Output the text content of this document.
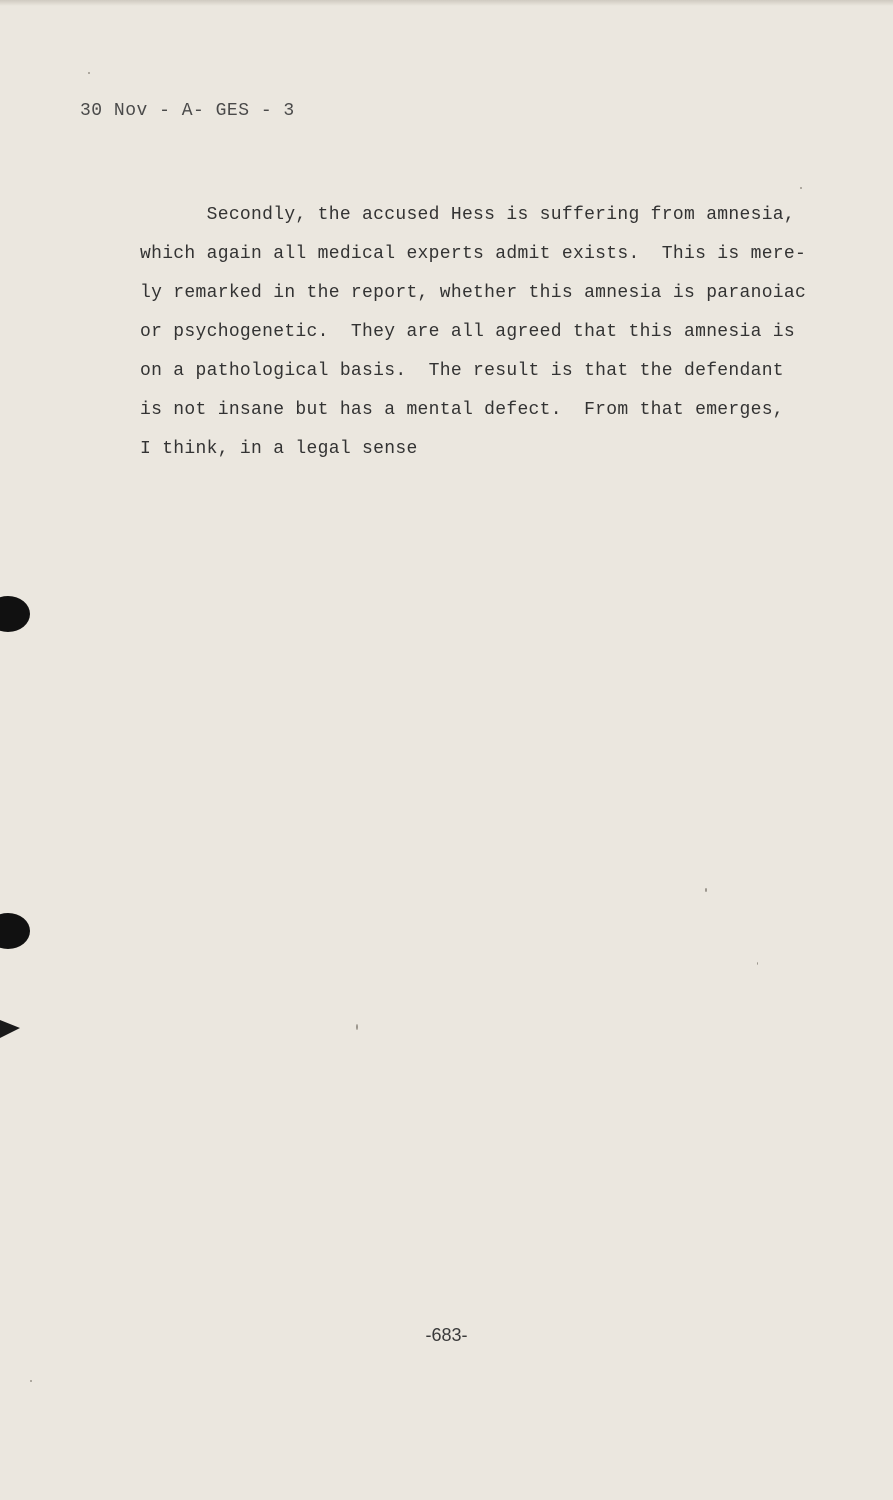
30 Nov - A- GES - 3

Secondly, the accused Hess is suffering from amnesia,

which again all medical experts admit exists.  This is mere-

ly remarked in the report, whether this amnesia is paranoiac

or psychogenetic.  They are all agreed that this amnesia is

on a pathological basis.  The result is that the defendant

is not insane but has a mental defect.  From that emerges,

I think, in a legal sense

-683-
